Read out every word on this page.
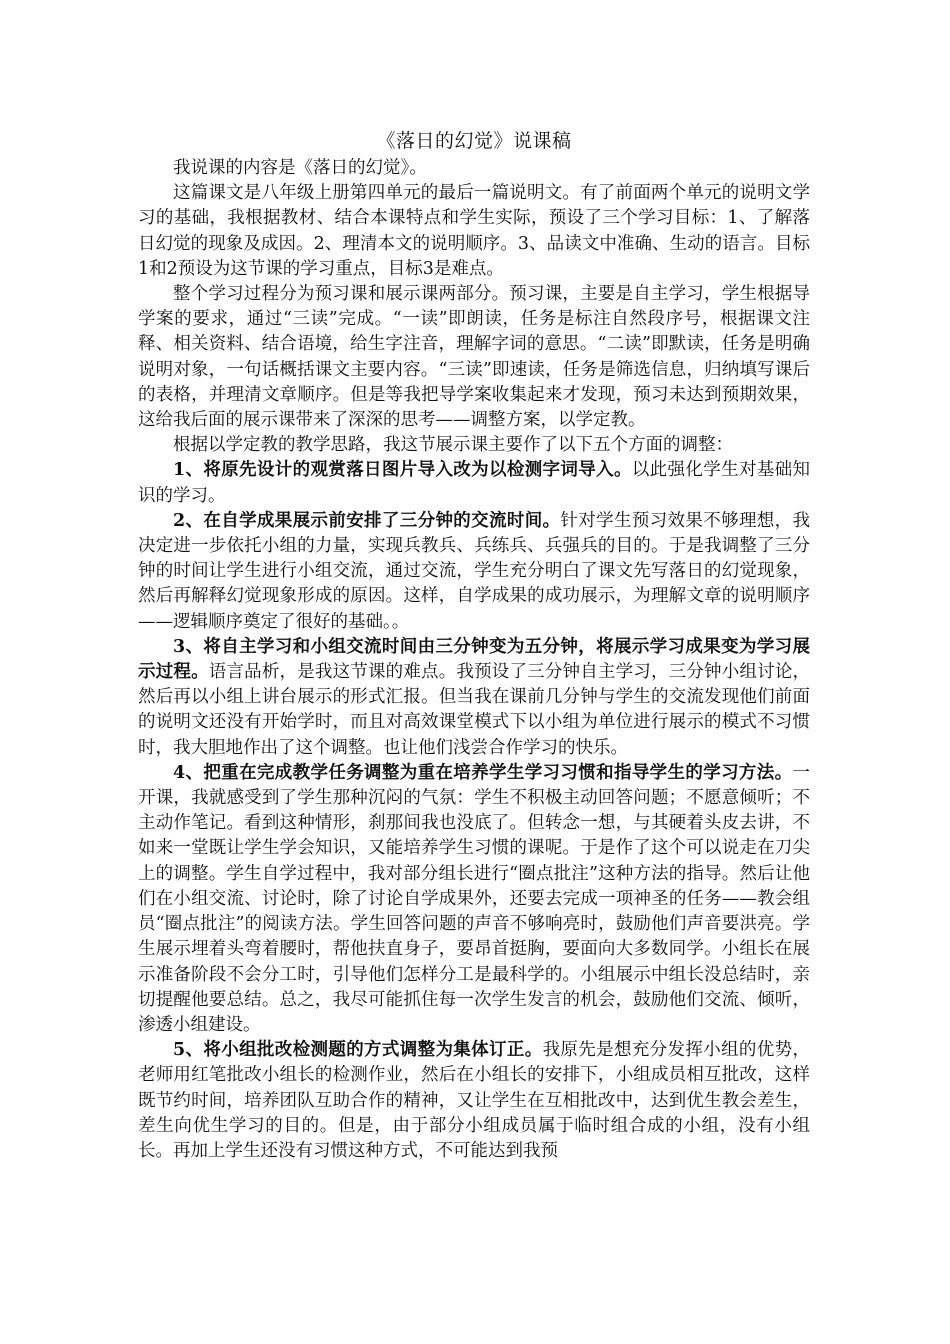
《落日的幻觉》说课稿

我说课的内容是《落日的幻觉》。

这篇课文是八年级上册第四单元的最后一篇说明文。有了前面两个单元的说明文学习的基础，我根据教材、结合本课特点和学生实际，预设了三个学习目标：1、了解落日幻觉的现象及成因。2、理清本文的说明顺序。3、品读文中准确、生动的语言。目标1和2预设为这节课的学习重点，目标3是难点。

整个学习过程分为预习课和展示课两部分。预习课，主要是自主学习，学生根据导学案的要求，通过“三读”完成。“一读”即朗读，任务是标注自然段序号，根据课文注释、相关资料、结合语境，给生字注音，理解字词的意思。“二读”即默读，任务是明确说明对象，一句话概括课文主要内容。“三读”即速读，任务是筛选信息，归纳填写课后的表格，并理清文章顺序。但是等我把导学案收集起来才发现，预习未达到预期效果，这给我后面的展示课带来了深深的思考——调整方案，以学定教。

根据以学定教的教学思路，我这节展示课主要作了以下五个方面的调整：

1、将原先设计的观赏落日图片导入改为以检测字词导入。以此强化学生对基础知识的学习。

2、在自学成果展示前安排了三分钟的交流时间。针对学生预习效果不够理想，我决定进一步依托小组的力量，实现兵教兵、兵练兵、兵强兵的目的。于是我调整了三分钟的时间让学生进行小组交流，通过交流，学生充分明白了课文先写落日的幻觉现象，然后再解释幻觉现象形成的原因。这样，自学成果的成功展示，为理解文章的说明顺序——逻辑顺序奠定了很好的基础。。

3、将自主学习和小组交流时间由三分钟变为五分钟，将展示学习成果变为学习展示过程。语言品析，是我这节课的难点。我预设了三分钟自主学习，三分钟小组讨论，然后再以小组上讲台展示的形式汇报。但当我在课前几分钟与学生的交流发现他们前面的说明文还没有开始学时，而且对高效课堂模式下以小组为单位进行展示的模式不习惯时，我大胆地作出了这个调整。也让他们浅尝合作学习的快乐。

4、把重在完成教学任务调整为重在培养学生学习习惯和指导学生的学习方法。一开课，我就感受到了学生那种沉闷的气氛：学生不积极主动回答问题；不愿意倾听；不主动作笔记。看到这种情形，刹那间我也没底了。但转念一想，与其硬着头皮去讲，不如来一堂既让学生学会知识，又能培养学生习惯的课呢。于是作了这个可以说走在刀尖上的调整。学生自学过程中，我对部分组长进行“圈点批注”这种方法的指导。然后让他们在小组交流、讨论时，除了讨论自学成果外，还要去完成一项神圣的任务——教会组员“圈点批注”的阅读方法。学生回答问题的声音不够响亮时，鼓励他们声音要洪亮。学生展示埋着头弯着腰时，帮他扶直身子，要昂首挺胸，要面向大多数同学。小组长在展示准备阶段不会分工时，引导他们怎样分工是最科学的。小组展示中组长没总结时，亲切提醒他要总结。总之，我尽可能抓住每一次学生发言的机会，鼓励他们交流、倾听，渗透小组建设。

5、将小组批改检测题的方式调整为集体订正。我原先是想充分发挥小组的优势，老师用红笔批改小组长的检测作业，然后在小组长的安排下，小组成员相互批改，这样既节约时间，培养团队互助合作的精神，又让学生在互相批改中，达到优生教会差生，差生向优生学习的目的。但是，由于部分小组成员属于临时组合成的小组，没有小组长。再加上学生还没有习惯这种方式，不可能达到我预
